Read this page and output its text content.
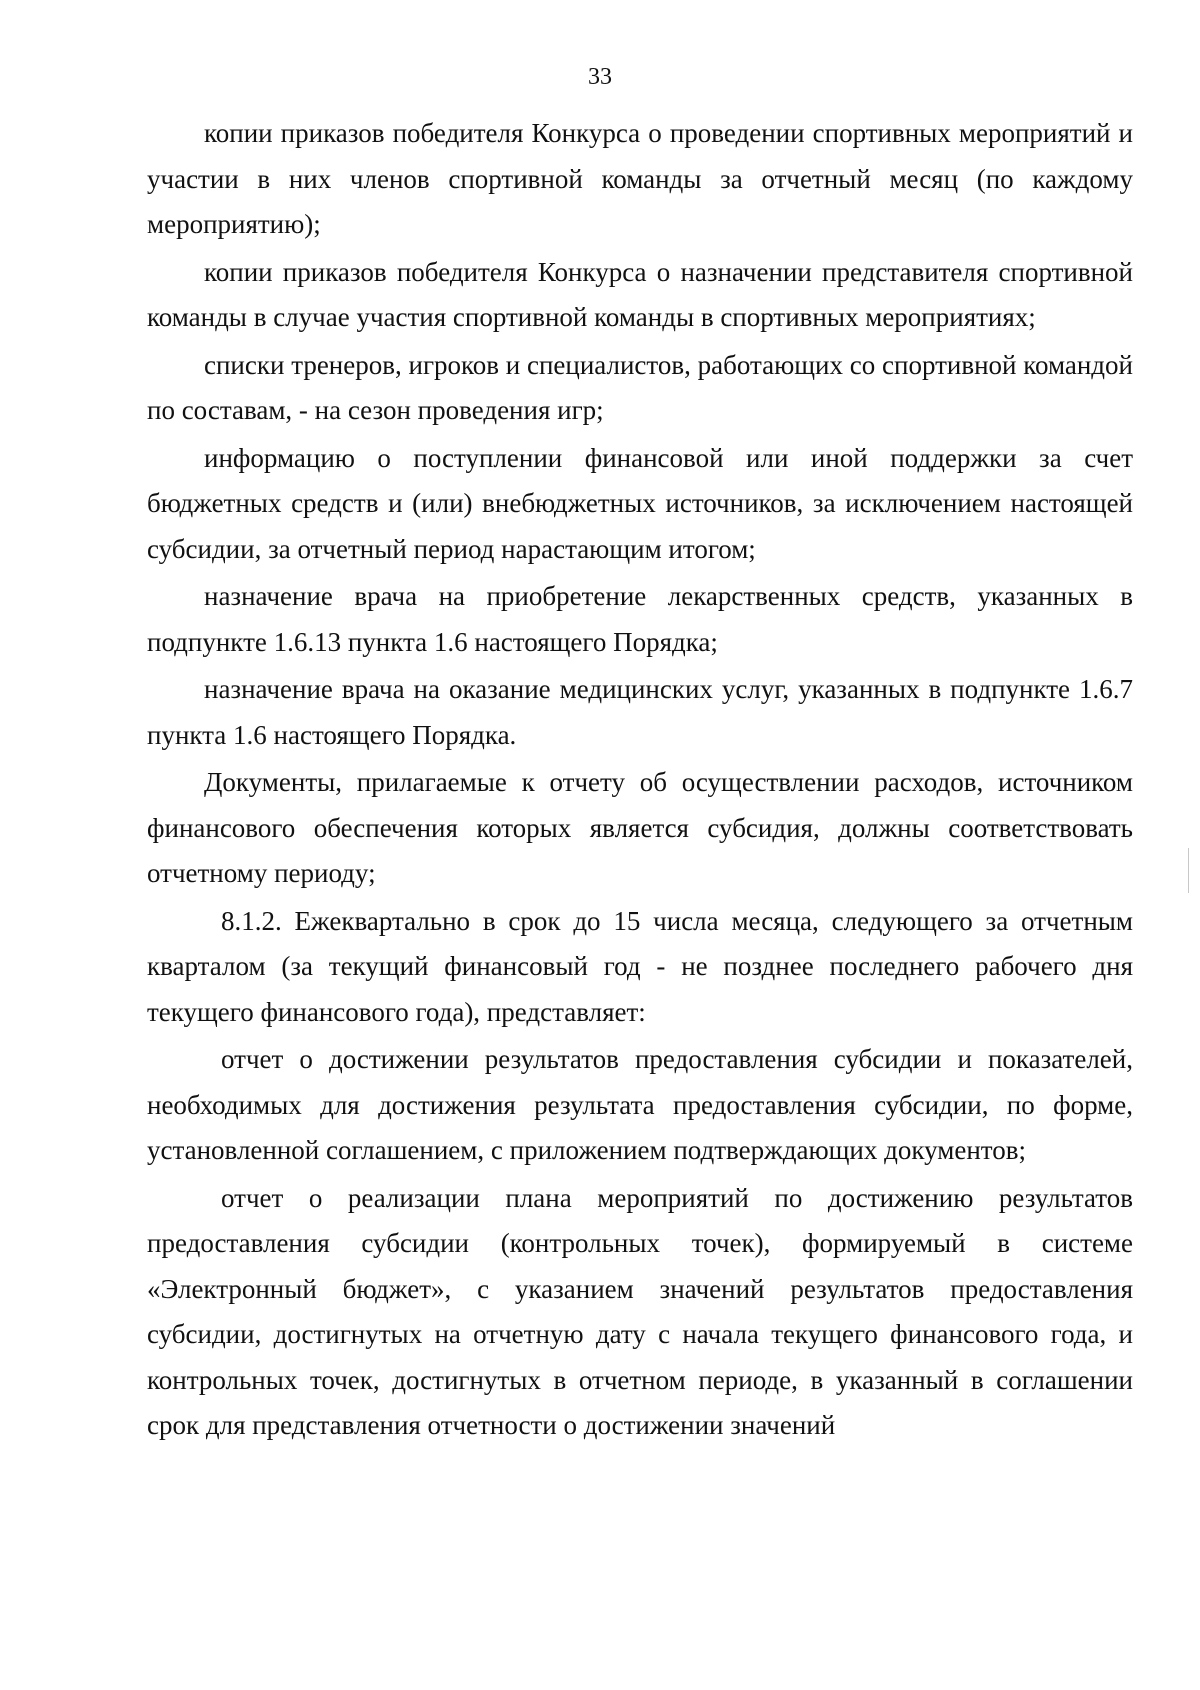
33

копии приказов победителя Конкурса о проведении спортивных мероприятий и участии в них членов спортивной команды за отчетный месяц (по каждому мероприятию);

копии приказов победителя Конкурса о назначении представителя спортивной команды в случае участия спортивной команды в спортивных мероприятиях;

списки тренеров, игроков и специалистов, работающих со спортивной командой по составам, - на сезон проведения игр;

информацию о поступлении финансовой или иной поддержки за счет бюджетных средств и (или) внебюджетных источников, за исключением настоящей субсидии, за отчетный период нарастающим итогом;

назначение врача на приобретение лекарственных средств, указанных в подпункте 1.6.13 пункта 1.6 настоящего Порядка;

назначение врача на оказание медицинских услуг, указанных в подпункте 1.6.7 пункта 1.6 настоящего Порядка.

Документы, прилагаемые к отчету об осуществлении расходов, источником финансового обеспечения которых является субсидия, должны соответствовать отчетному периоду;

8.1.2. Ежеквартально в срок до 15 числа месяца, следующего за отчетным кварталом (за текущий финансовый год - не позднее последнего рабочего дня текущего финансового года), представляет:

отчет о достижении результатов предоставления субсидии и показателей, необходимых для достижения результата предоставления субсидии, по форме, установленной соглашением, с приложением подтверждающих документов;

отчет о реализации плана мероприятий по достижению результатов предоставления субсидии (контрольных точек), формируемый в системе «Электронный бюджет», с указанием значений результатов предоставления субсидии, достигнутых на отчетную дату с начала текущего финансового года, и контрольных точек, достигнутых в отчетном периоде, в указанный в соглашении срок для представления отчетности о достижении значений
